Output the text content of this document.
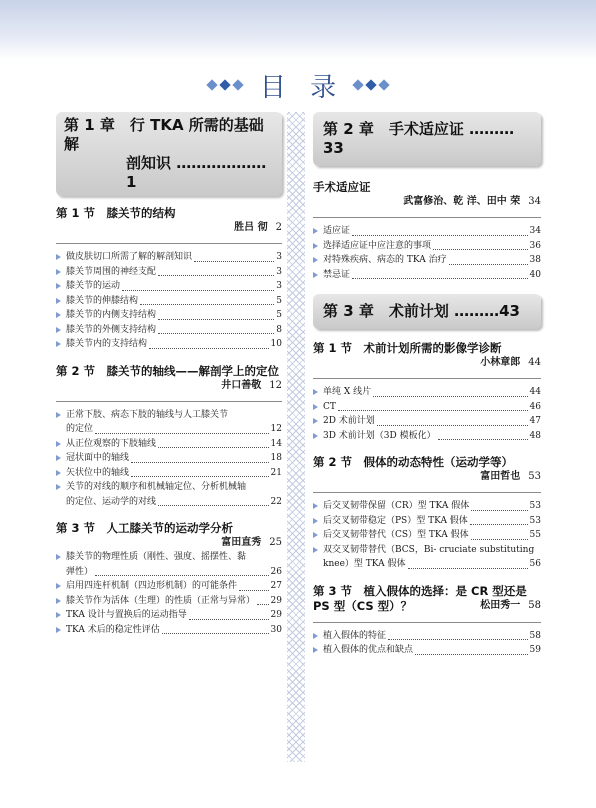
目 录
第 1 章　行 TKA 所需的基础解
剖知识 ………………1
第 1 节　膝关节的结构
胜吕 彻 2
做皮肤切口所需了解的解剖知识	3
膝关节周围的神经支配	3
膝关节的运动	3
膝关节的伸膝结构	5
膝关节的内侧支持结构	5
膝关节的外侧支持结构	8
膝关节内的支持结构	10
第 2 节　膝关节的轴线——解剖学上的定位
井口善敬 12
正常下肢、病态下肢的轴线与人工膝关节
的定位	12
从正位观察的下肢轴线	14
冠状面中的轴线	18
矢状位中的轴线	21
关节的对线的顺序和机械轴定位、分析机械轴
的定位、运动学的对线	22
第 3 节　人工膝关节的运动学分析
富田直秀 25
膝关节的物理性质（刚性、强度、摇摆性、黏
弹性）	26
启用四连杆机制（四边形机制）的可能条件	27
膝关节作为活体（生理）的性质（正常与异常） 29
TKA 设计与置换后的运动指导	29
TKA 术后的稳定性评估	30
第 2 章　手术适应证 ………33
手术适应证
武富修治、乾 洋、田中 荣 34
适应证	34
选择适应证中应注意的事项	36
对特殊疾病、病态的 TKA 治疗	38
禁忌证	40
第 3 章　术前计划 ………43
第 1 节　术前计划所需的影像学诊断
小林章郎 44
单纯 X 线片	44
CT	46
2D 术前计划	47
3D 术前计划（3D 模板化）	48
第 2 节　假体的动态特性（运动学等）
富田哲也 53
后交叉韧带保留（CR）型 TKA 假体	53
后交叉韧带稳定（PS）型 TKA 假体	53
后交叉韧带替代（CS）型 TKA 假体	55
双交叉韧带替代（BCS，Bi- cruciate substituting
knee）型 TKA 假体	56
第 3 节　植入假体的选择：是 CR 型还是
PS 型（CS 型）？	松田秀一 58
植入假体的特征	58
植入假体的优点和缺点	59
